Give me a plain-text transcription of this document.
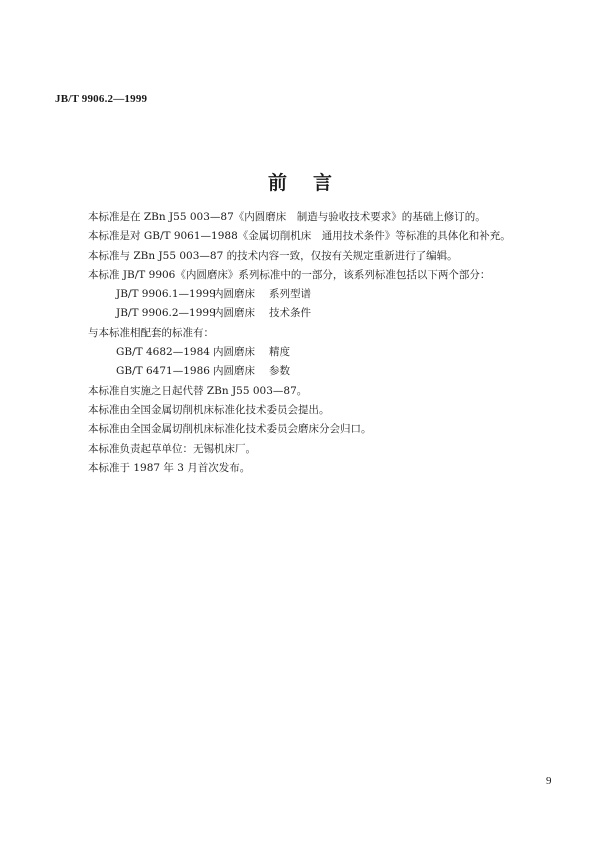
JB/T 9906.2—1999
前言
本标准是在 ZBn J55 003—87《内圆磨床　制造与验收技术要求》的基础上修订的。
本标准是对 GB/T 9061—1988《金属切削机床　通用技术条件》等标准的具体化和补充。
本标准与 ZBn J55 003—87 的技术内容一致，仅按有关规定重新进行了编辑。
本标准 JB/T 9906《内圆磨床》系列标准中的一部分，该系列标准包括以下两个部分：
JB/T 9906.1—1999内圆磨床 系列型谱
JB/T 9906.2—1999内圆磨床 技术条件
与本标准相配套的标准有：
GB/T 4682—1984 内圆磨床 精度
GB/T 6471—1986 内圆磨床 参数
本标准自实施之日起代替 ZBn J55 003—87。
本标准由全国金属切削机床标准化技术委员会提出。
本标准由全国金属切削机床标准化技术委员会磨床分会归口。
本标准负责起草单位：无锡机床厂。
本标准于 1987 年 3 月首次发布。
9
